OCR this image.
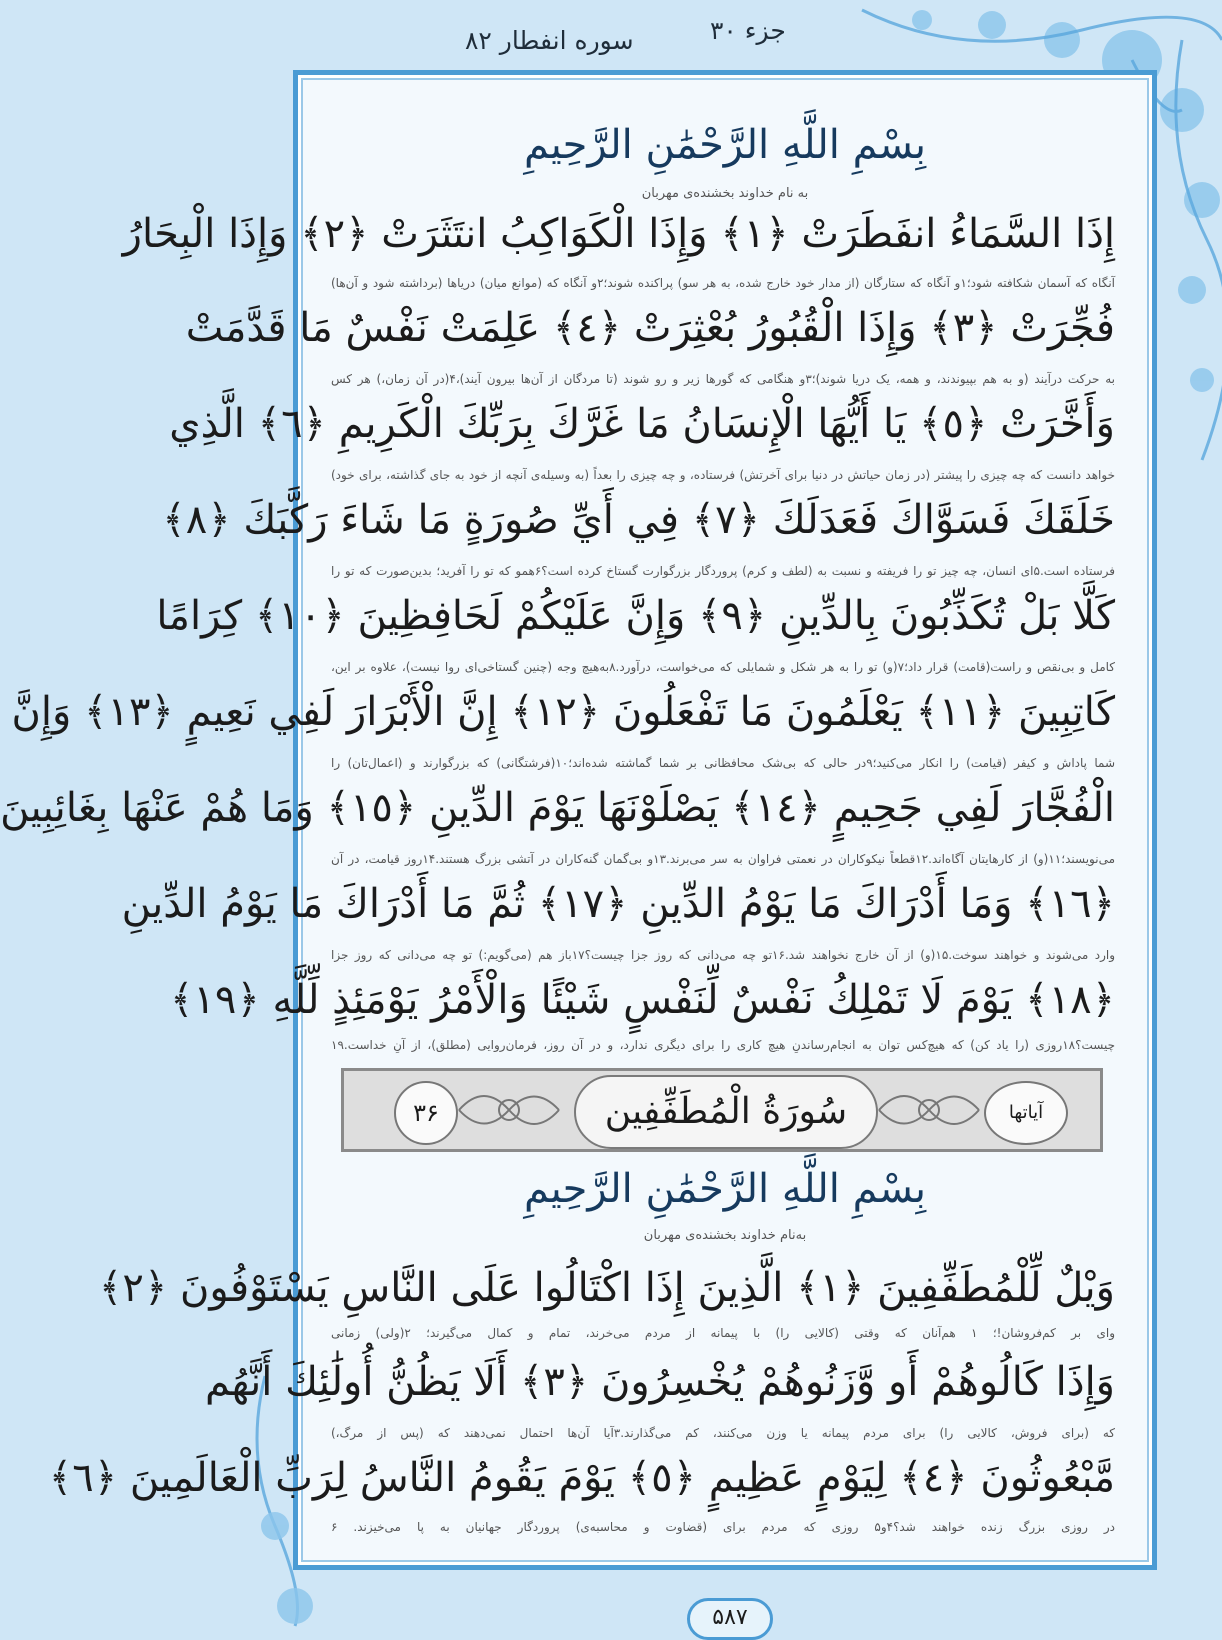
سوره انفطار ۸۲	جزء ۳۰
بِسْمِ اللَّهِ الرَّحْمَٰنِ الرَّحِيمِ
به نام خداوند بخشنده‌ی مهربان
إِذَا السَّمَاءُ انفَطَرَتْ ﴿١﴾ وَإِذَا الْكَوَاكِبُ انتَثَرَتْ ﴿٢﴾ وَإِذَا الْبِحَارُ
آنگاه که آسمان شکافته شود؛۱و آنگاه که ستارگان (از مدار خود خارج شده، به هر سو) پراکنده شوند؛۲و آنگاه که (موانع میان) دریاها (برداشته شود و آن‌ها)
فُجِّرَتْ ﴿٣﴾ وَإِذَا الْقُبُورُ بُعْثِرَتْ ﴿٤﴾ عَلِمَتْ نَفْسٌ مَا قَدَّمَتْ
به حرکت درآیند (و به هم بپیوندند، و همه، یک دریا شوند)؛۳و هنگامی که گورها زیر و رو شوند (تا مردگان از آن‌ها بیرون آیند)،۴(در آن زمان،) هر کس
وَأَخَّرَتْ ﴿٥﴾ يَا أَيُّهَا الْإِنسَانُ مَا غَرَّكَ بِرَبِّكَ الْكَرِيمِ ﴿٦﴾ الَّذِي
خواهد دانست که چه چیزی را پیشتر (در زمان حیاتش در دنیا برای آخرتش) فرستاده، و چه چیزی را بعداً (به وسیله‌ی آنچه از خود به جای گذاشته، برای خود)
خَلَقَكَ فَسَوَّاكَ فَعَدَلَكَ ﴿٧﴾ فِي أَيِّ صُورَةٍ مَا شَاءَ رَكَّبَكَ ﴿٨﴾
فرستاده است.۵ای انسان، چه چیز تو را فریفته و نسبت به (لطف و کرم) پروردگار بزرگوارت گستاخ کرده است؟۶همو که تو را آفرید؛ بدین‌صورت که تو را
كَلَّا بَلْ تُكَذِّبُونَ بِالدِّينِ ﴿٩﴾ وَإِنَّ عَلَيْكُمْ لَحَافِظِينَ ﴿١٠﴾ كِرَامًا
کامل و بی‌نقص و راست(قامت) قرار داد؛۷(و) تو را به هر شکل و شمایلی که می‌خواست، درآورد.۸به‌هیچ وجه (چنین گستاخی‌ای روا نیست)، علاوه بر این،
كَاتِبِينَ ﴿١١﴾ يَعْلَمُونَ مَا تَفْعَلُونَ ﴿١٢﴾ إِنَّ الْأَبْرَارَ لَفِي نَعِيمٍ ﴿١٣﴾ وَإِنَّ
شما پاداش و کیفر (قیامت) را انکار می‌کنید؛۹در حالی که بی‌شک محافظانی بر شما گماشته شده‌اند؛۱۰(فرشتگانی) که بزرگوارند و (اعمال‌تان) را
الْفُجَّارَ لَفِي جَحِيمٍ ﴿١٤﴾ يَصْلَوْنَهَا يَوْمَ الدِّينِ ﴿١٥﴾ وَمَا هُمْ عَنْهَا بِغَائِبِينَ
می‌نویسند؛۱۱(و) از کارهایتان آگاه‌اند.۱۲قطعاً نیکوکاران در نعمتی فراوان به سر می‌برند.۱۳و بی‌گمان گنه‌کاران در آتشی بزرگ هستند.۱۴روز قیامت، در آن
﴿١٦﴾ وَمَا أَدْرَاكَ مَا يَوْمُ الدِّينِ ﴿١٧﴾ ثُمَّ مَا أَدْرَاكَ مَا يَوْمُ الدِّينِ
وارد می‌شوند و خواهند سوخت.۱۵(و) از آن خارج نخواهند شد.۱۶تو چه می‌دانی که روز جزا چیست؟۱۷باز هم (می‌گویم:) تو چه می‌دانی که روز جزا
﴿١٨﴾ يَوْمَ لَا تَمْلِكُ نَفْسٌ لِّنَفْسٍ شَيْئًا وَالْأَمْرُ يَوْمَئِذٍ لِّلَّهِ ﴿١٩﴾
چیست؟۱۸روزی (را یاد کن) که هیچ‌کس توان به انجام‌رساندنِ هیچ کاری را برای دیگری ندارد، و در آن روز، فرمان‌روایی (مطلق)، از آنِ خداست.۱۹
۳۶	سُورَةُ الْمُطَفِّفِين	آیاتها
بِسْمِ اللَّهِ الرَّحْمَٰنِ الرَّحِيمِ
به‌نام خداوند بخشنده‌ی مهربان
وَيْلٌ لِّلْمُطَفِّفِينَ ﴿١﴾ الَّذِينَ إِذَا اكْتَالُوا عَلَى النَّاسِ يَسْتَوْفُونَ ﴿٢﴾
وای بر کم‌فروشان!؛ ۱ هم‌آنان که وقتی (کالایی را) با پیمانه از مردم می‌خرند، تمام و کمال می‌گیرند؛ ۲(ولی) زمانی
وَإِذَا كَالُوهُمْ أَو وَّزَنُوهُمْ يُخْسِرُونَ ﴿٣﴾ أَلَا يَظُنُّ أُولَٰئِكَ أَنَّهُم
که (برای فروش، کالایی را) برای مردم پیمانه یا وزن می‌کنند، کم می‌گذارند.۳آیا آن‌ها احتمال نمی‌دهند که (پس از مرگ،)
مَّبْعُوثُونَ ﴿٤﴾ لِيَوْمٍ عَظِيمٍ ﴿٥﴾ يَوْمَ يَقُومُ النَّاسُ لِرَبِّ الْعَالَمِينَ ﴿٦﴾
در روزی بزرگ زنده خواهند شد؟۴و۵ روزی که مردم برای (قضاوت و محاسبه‌ی) پروردگار جهانیان به پا می‌خیزند. ۶
۵۸۷
